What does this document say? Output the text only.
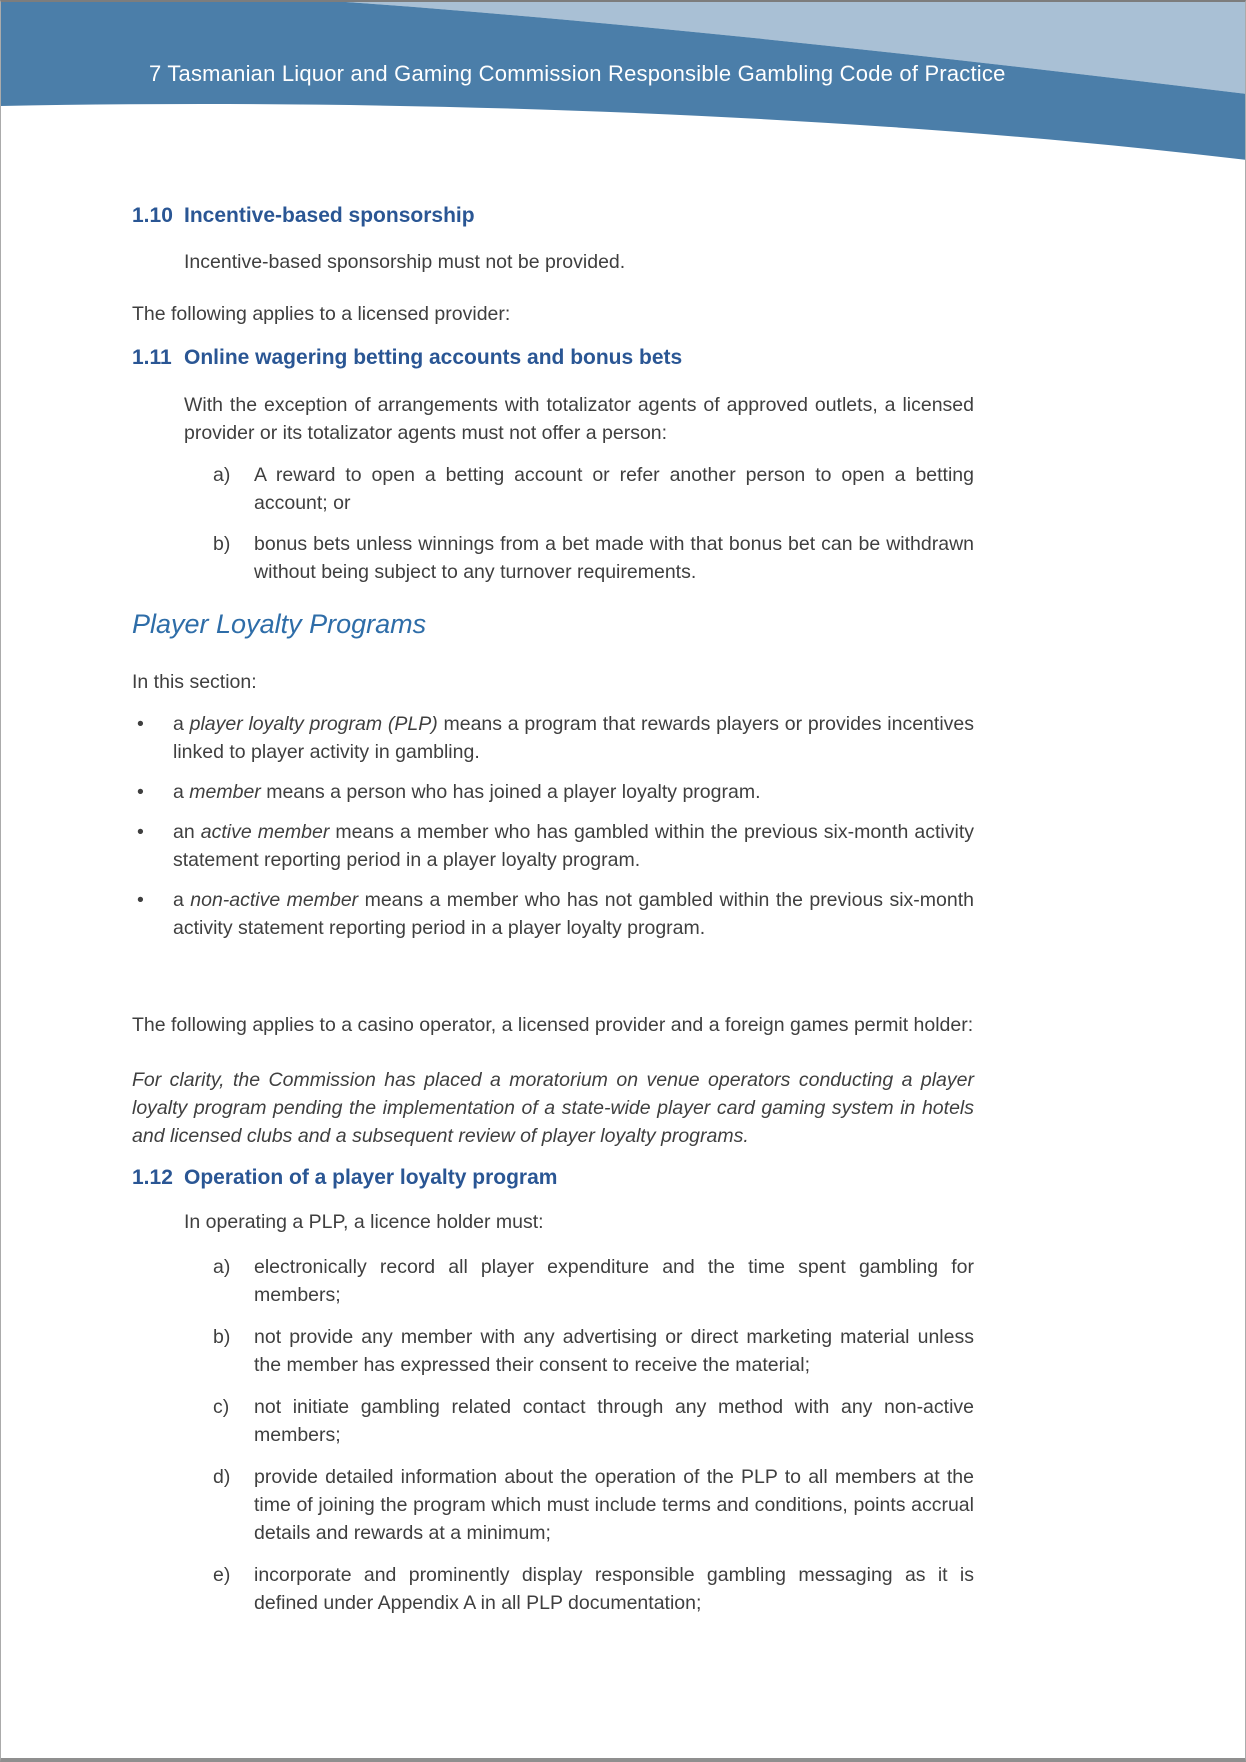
7 Tasmanian Liquor and Gaming Commission Responsible Gambling Code of Practice
1.10 Incentive-based sponsorship

Incentive-based sponsorship must not be provided.

The following applies to a licensed provider:

1.11 Online wagering betting accounts and bonus bets

With the exception of arrangements with totalizator agents of approved outlets, a licensed provider or its totalizator agents must not offer a person:

a)	A reward to open a betting account or refer another person to open a betting account; or
b)	bonus bets unless winnings from a bet made with that bonus bet can be withdrawn without being subject to any turnover requirements.
Player Loyalty Programs

In this section:

•	a player loyalty program (PLP) means a program that rewards players or provides incentives linked to player activity in gambling.
•	a member means a person who has joined a player loyalty program.
•	an active member means a member who has gambled within the previous six-month activity statement reporting period in a player loyalty program.
•	a non-active member means a member who has not gambled within the previous six-month activity statement reporting period in a player loyalty program.

The following applies to a casino operator, a licensed provider and a foreign games permit holder:

For clarity, the Commission has placed a moratorium on venue operators conducting a player loyalty program pending the implementation of a state-wide player card gaming system in hotels and licensed clubs and a subsequent review of player loyalty programs.

1.12 Operation of a player loyalty program

In operating a PLP, a licence holder must:

a)	electronically record all player expenditure and the time spent gambling for members;
b)	not provide any member with any advertising or direct marketing material unless the member has expressed their consent to receive the material;
c)	not initiate gambling related contact through any method with any non-active members;
d)	provide detailed information about the operation of the PLP to all members at the time of joining the program which must include terms and conditions, points accrual details and rewards at a minimum;
e)	incorporate and prominently display responsible gambling messaging as it is defined under Appendix A in all PLP documentation;
